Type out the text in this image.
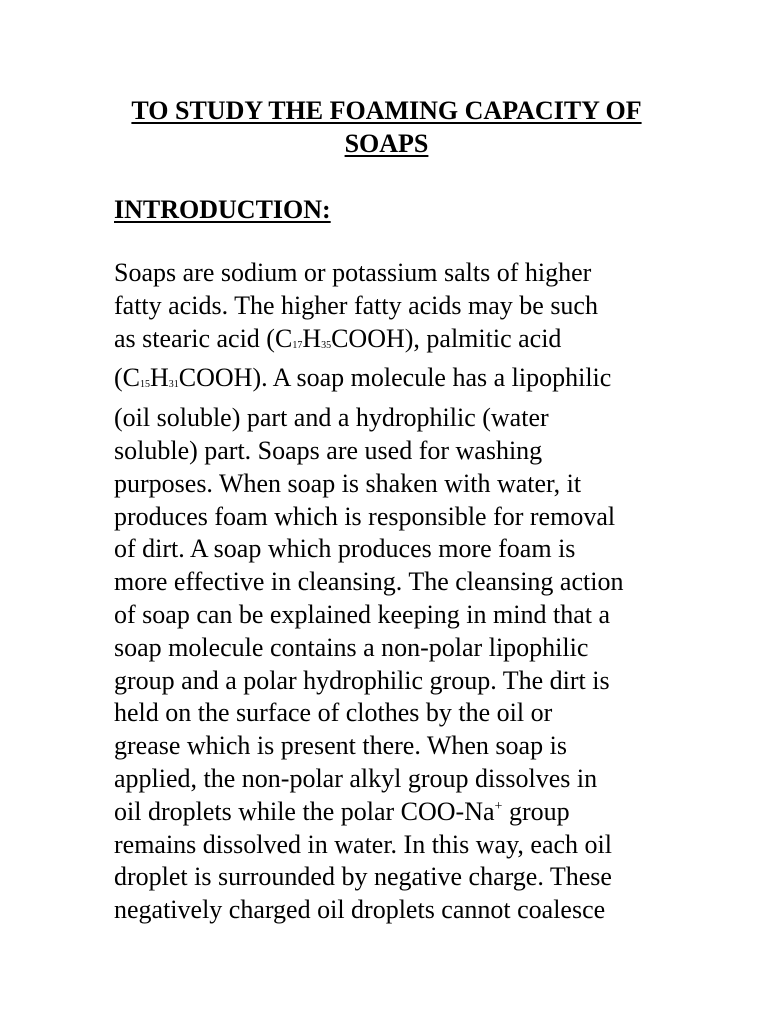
TO STUDY THE FOAMING CAPACITY OF
SOAPS
INTRODUCTION:

Soaps are sodium or potassium salts of higher
fatty acids. The higher fatty acids may be such
as stearic acid (C17H35COOH), palmitic acid
(C15H31COOH). A soap molecule has a lipophilic
(oil soluble) part and a hydrophilic (water
soluble) part. Soaps are used for washing
purposes. When soap is shaken with water, it
produces foam which is responsible for removal
of dirt. A soap which produces more foam is
more effective in cleansing. The cleansing action
of soap can be explained keeping in mind that a
soap molecule contains a non-polar lipophilic
group and a polar hydrophilic group. The dirt is
held on the surface of clothes by the oil or
grease which is present there. When soap is
applied, the non-polar alkyl group dissolves in
oil droplets while the polar COO-Na+ group
remains dissolved in water. In this way, each oil
droplet is surrounded by negative charge. These
negatively charged oil droplets cannot coalesce
